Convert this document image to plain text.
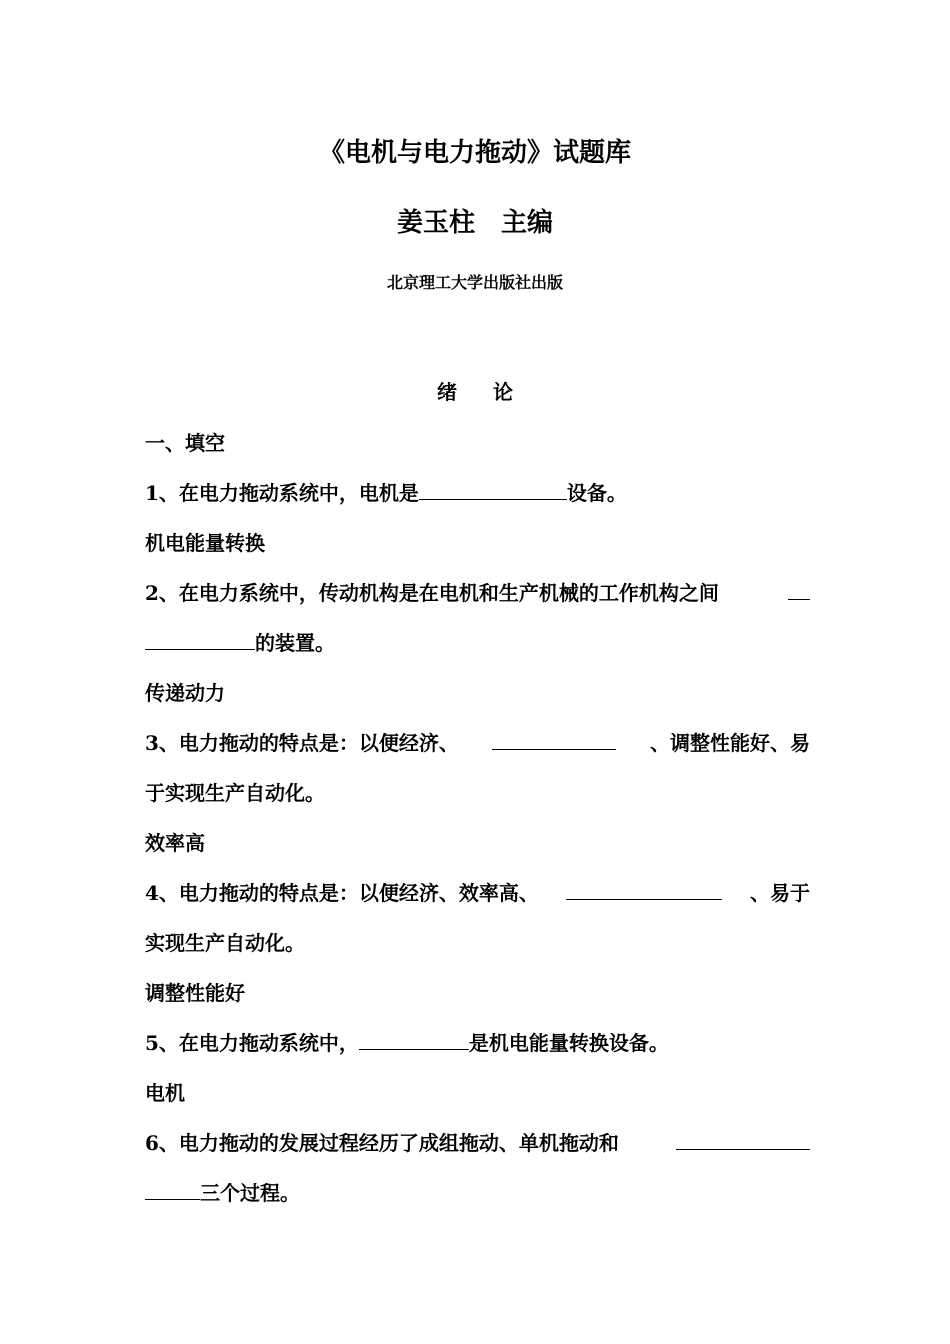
《电机与电力拖动》试题库
姜玉柱 主编
北京理工大学出版社出版
绪 论
一、填空
1、在电力拖动系统中，电机是	设备。
机电能量转换
2、在电力系统中，传动机构是在电机和生产机械的工作机构之间
的装置。
传递动力
3、电力拖动的特点是：以便经济、	、调整性能好、易
于实现生产自动化。
效率高
4、电力拖动的特点是：以便经济、效率高、	、易于
实现生产自动化。
调整性能好
5、在电力拖动系统中，	是机电能量转换设备。
电机
6、电力拖动的发展过程经历了成组拖动、单机拖动和
三个过程。
